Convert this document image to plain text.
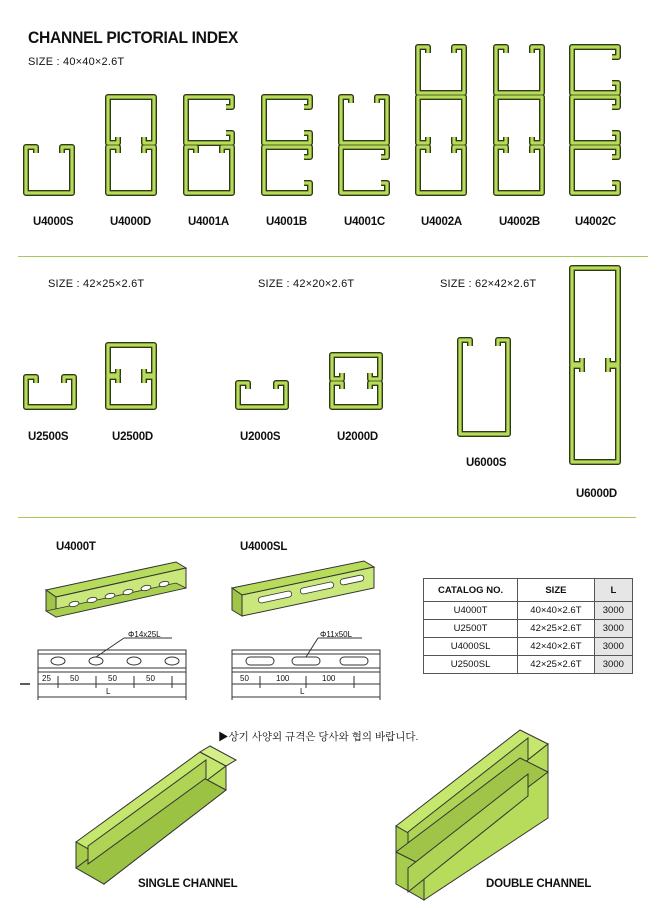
CHANNEL PICTORIAL INDEX
SIZE : 40×40×2.6T
U4000S	U4000D	U4001A	U4001B	U4001C	U4002A	U4002B	U4002C
SIZE : 42×25×2.6T	SIZE : 42×20×2.6T	SIZE : 62×42×2.6T
U2500S	U2500D	U2000S	U2000D
U6000S
U6000D
U4000T	U4000SL
Φ14x25L	Φ11x50L
25 50	50	50
L
50	100	100
L
CATALOG NO.	SIZE	L
U4000T	40×40×2.6T	3000
U2500T	42×25×2.6T	3000
U4000SL	42×40×2.6T	3000
U2500SL	42×25×2.6T	3000
▶상기 사양외 규격은 당사와 협의 바랍니다.
SINGLE CHANNEL	DOUBLE CHANNEL
